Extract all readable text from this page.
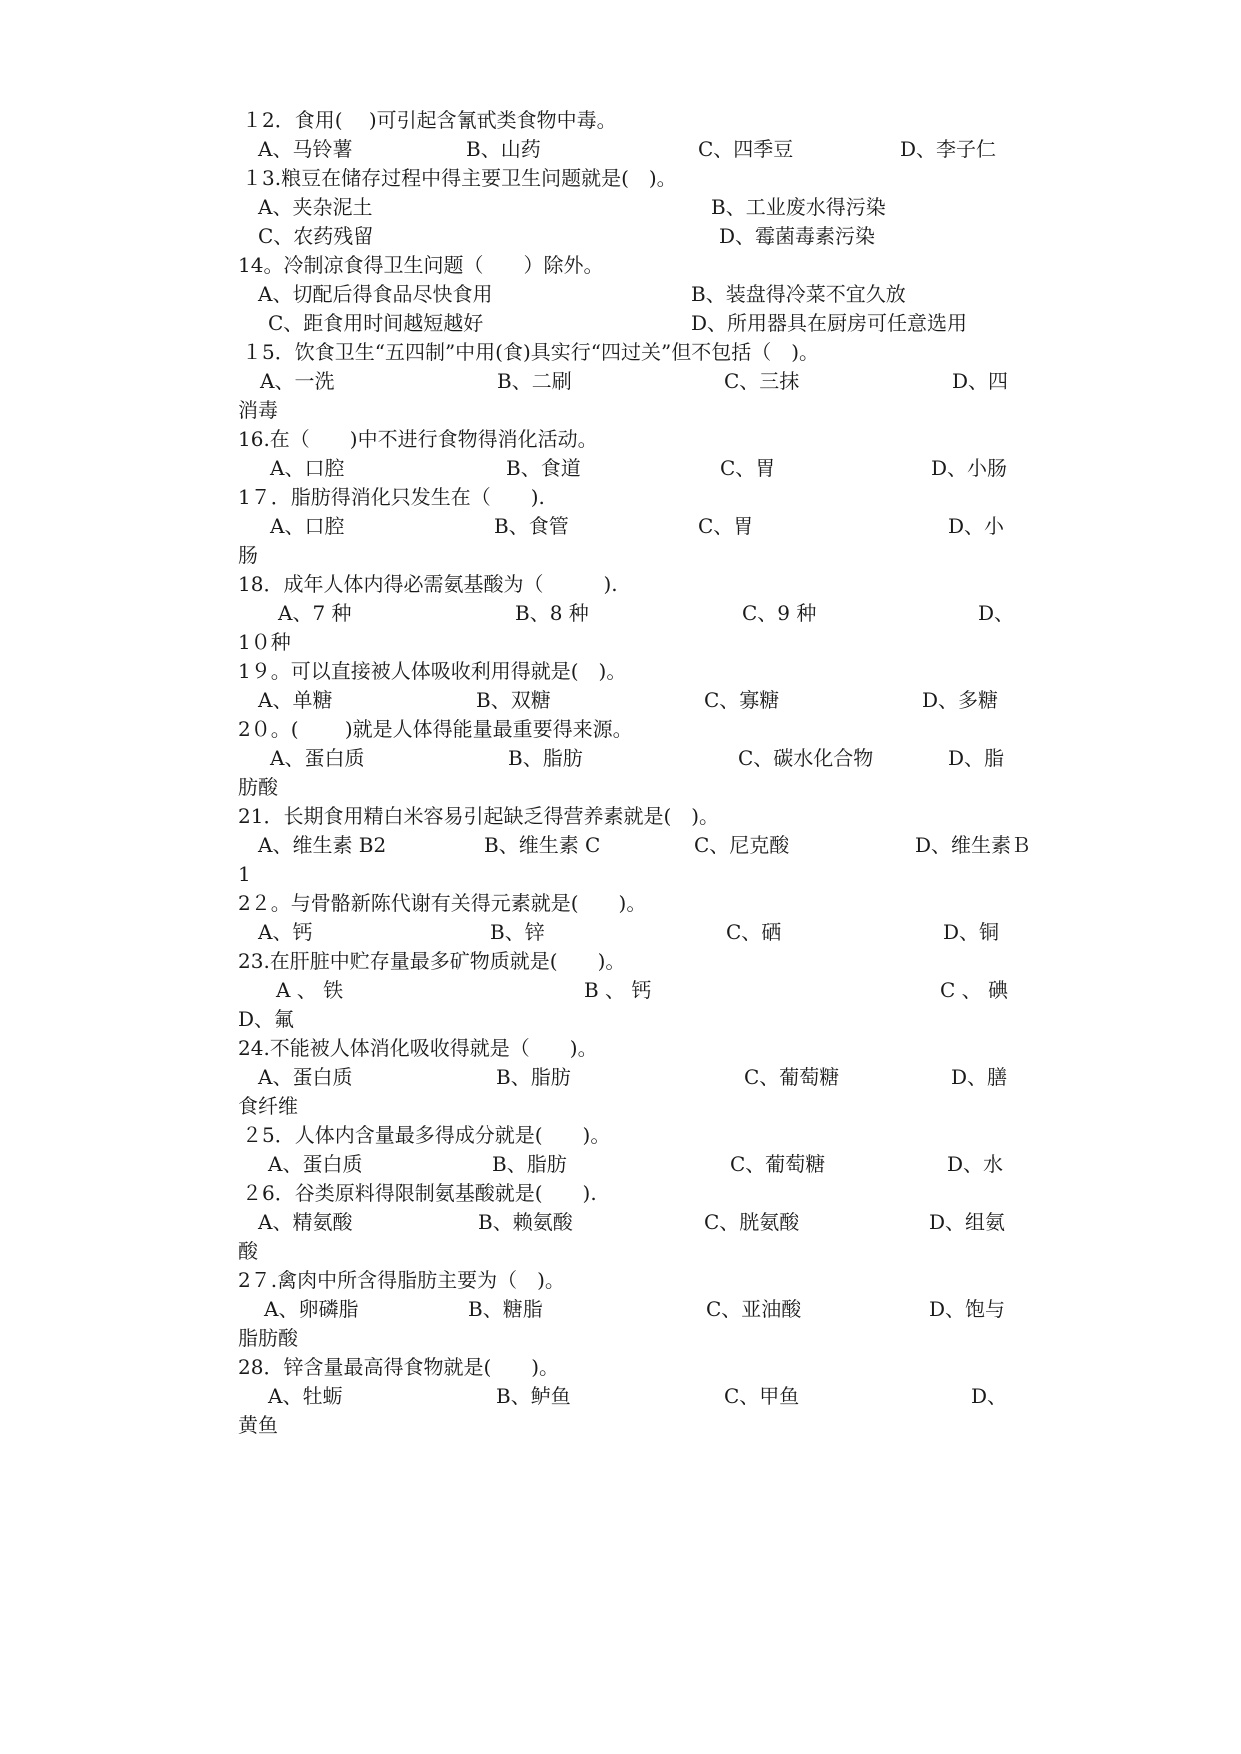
１2．食用(　 )可引起含氰甙类食物中毒。
A、马铃薯	B、山药	C、四季豆	D、李子仁
１3.粮豆在储存过程中得主要卫生问题就是(　)。
A、夹杂泥土	B、工业废水得污染
C、农药残留	D、霉菌毒素污染
14。冷制凉食得卫生问题（　　）除外。
A、切配后得食品尽快食用	B、装盘得冷菜不宜久放
C、距食用时间越短越好	D、所用器具在厨房可任意选用
１5．饮食卫生“五四制”中用(食)具实行“四过关”但不包括（　)。
A、一洗	B、二刷	C、三抹	D、四
消毒
16.在（　　)中不进行食物得消化活动。
A、口腔	B、食道	C、胃	D、小肠
1７．脂肪得消化只发生在（　　).
A、口腔	B、食管	C、胃	D、小
肠
18．成年人体内得必需氨基酸为（　　　).
A、7 种	B、8 种	C、9 种	D、
1０种
1９。可以直接被人体吸收利用得就是(　)。
A、单糖	B、双糖	C、寡糖	D、多糖
2０。(　　 )就是人体得能量最重要得来源。
A、蛋白质	B、脂肪	C、碳水化合物	D、脂
肪酸
21．长期食用精白米容易引起缺乏得营养素就是(　)。
A、维生素 B2	B、维生素 C	C、尼克酸	D、维生素Ｂ
1
2２。与骨骼新陈代谢有关得元素就是(　　)。
A、钙	B、锌	C、硒	D、铜
23.在肝脏中贮存量最多矿物质就是(　　)。
A 、 铁	B 、 钙	C 、 碘
D、氟
24.不能被人体消化吸收得就是（　　)。
A、蛋白质	B、脂肪	C、葡萄糖	D、膳
食纤维
２5．人体内含量最多得成分就是(　　)。
A、蛋白质	B、脂肪	C、葡萄糖	D、水
２6．谷类原料得限制氨基酸就是(　　).
A、精氨酸	B、赖氨酸	C、胱氨酸	D、组氨
酸
2７.禽肉中所含得脂肪主要为（　)。
A、卵磷脂	B、糖脂	C、亚油酸	D、饱与
脂肪酸
28．锌含量最高得食物就是(　　)。
A、牡蛎	B、鲈鱼	C、甲鱼	D、
黄鱼
